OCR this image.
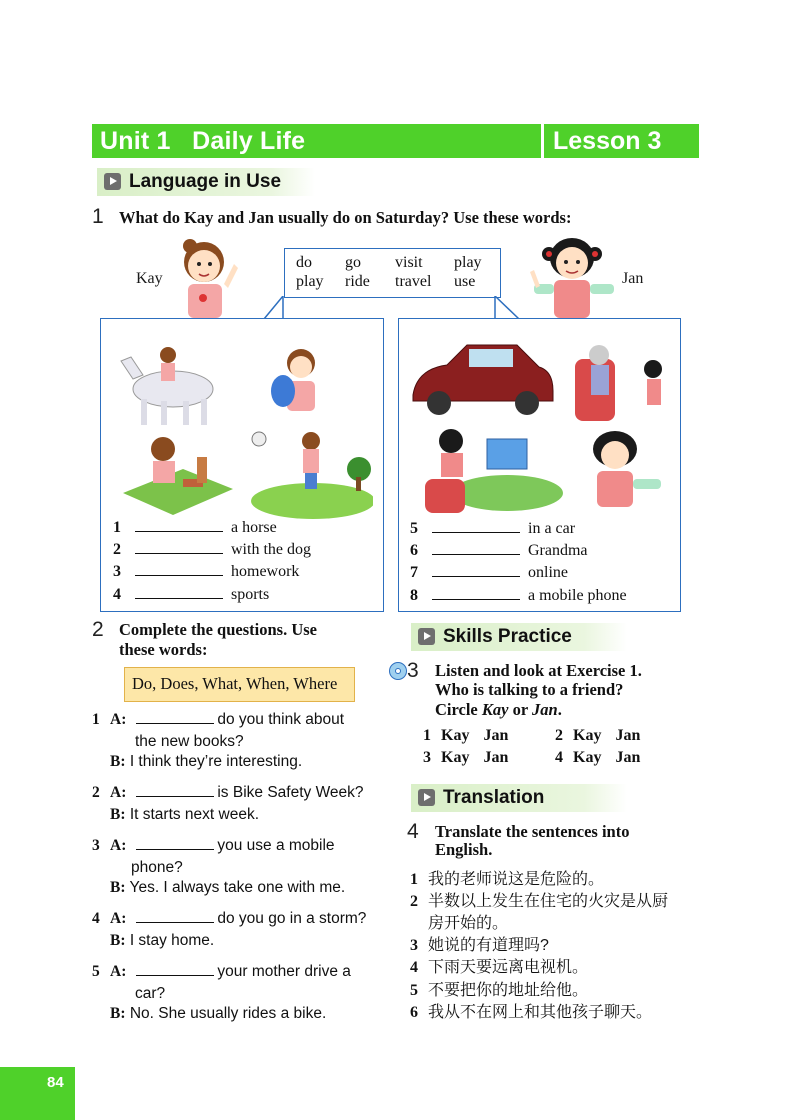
Unit 1   Daily Life	Lesson 3
Language in Use
1 What do Kay and Jan usually do on Saturday? Use these words:
Kay	Jan
do go visit play
play ride travel use
1	a horse
2	with the dog
3	homework
4	sports
5	in a car
6	Grandma
7	online
8	a mobile phone
2 Complete the questions. Use
these words:
Do, Does, What, When, Where
1 A:	do you think about
the new books?
B: I think they’re interesting.
2 A:	is Bike Safety Week?
B: It starts next week.
3 A:	you use a mobile
phone?
B: Yes. I always take one with me.
4 A:	do you go in a storm?
B: I stay home.
5 A:	your mother drive a
car?
B: No. She usually rides a bike.
Skills Practice
3 Listen and look at Exercise 1.
Who is talking to a friend?
Circle Kay or Jan.
1 Kay Jan	2 Kay Jan
3 Kay Jan	4 Kay Jan
Translation
4 Translate the sentences into
English.
1 我的老师说这是危险的。
2 半数以上发生在住宅的火灾是从厨
房开始的。
3 她说的有道理吗?
4 下雨天要远离电视机。
5 不要把你的地址给他。
6 我从不在网上和其他孩子聊天。
84
